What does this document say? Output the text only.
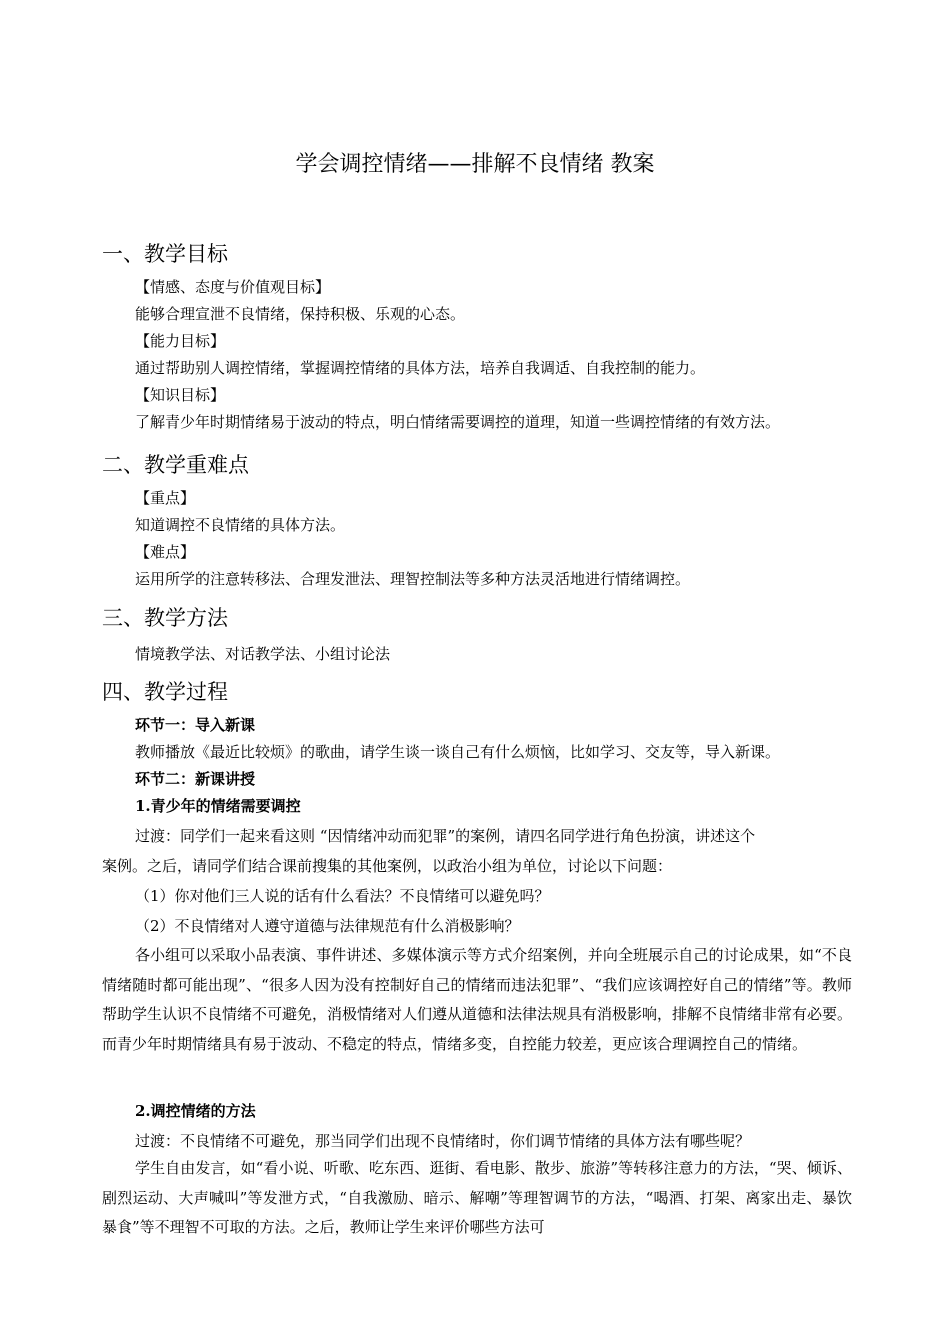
学会调控情绪——排解不良情绪 教案
一、教学目标
【情感、态度与价值观目标】
能够合理宣泄不良情绪，保持积极、乐观的心态。
【能力目标】
通过帮助别人调控情绪，掌握调控情绪的具体方法，培养自我调适、自我控制的能力。
【知识目标】
了解青少年时期情绪易于波动的特点，明白情绪需要调控的道理，知道一些调控情绪的有效方法。
二、教学重难点
【重点】
知道调控不良情绪的具体方法。
【难点】
运用所学的注意转移法、合理发泄法、理智控制法等多种方法灵活地进行情绪调控。
三、教学方法
情境教学法、对话教学法、小组讨论法
四、教学过程
环节一：导入新课
教师播放《最近比较烦》的歌曲，请学生谈一谈自己有什么烦恼，比如学习、交友等，导入新课。
环节二：新课讲授
1.青少年的情绪需要调控
过渡：同学们一起来看这则 “因情绪冲动而犯罪”的案例，请四名同学进行角色扮演，讲述这个
案例。之后，请同学们结合课前搜集的其他案例，以政治小组为单位，讨论以下问题：
（1）你对他们三人说的话有什么看法？不良情绪可以避免吗？
（2）不良情绪对人遵守道德与法律规范有什么消极影响？

各小组可以采取小品表演、事件讲述、多媒体演示等方式介绍案例，并向全班展示自己的讨论成果，如“不良情绪随时都可能出现”、“很多人因为没有控制好自己的情绪而违法犯罪”、“我们应该调控好自己的情绪”等。教师帮助学生认识不良情绪不可避免，消极情绪对人们遵从道德和法律法规具有消极影响，排解不良情绪非常有必要。而青少年时期情绪具有易于波动、不稳定的特点，情绪多变，自控能力较差，更应该合理调控自己的情绪。

2.调控情绪的方法
过渡：不良情绪不可避免，那当同学们出现不良情绪时，你们调节情绪的具体方法有哪些呢？

学生自由发言，如“看小说、听歌、吃东西、逛街、看电影、散步、旅游”等转移注意力的方法，“哭、倾诉、剧烈运动、大声喊叫”等发泄方式，“自我激励、暗示、解嘲”等理智调节的方法，“喝酒、打架、离家出走、暴饮暴食”等不理智不可取的方法。之后，教师让学生来评价哪些方法可
